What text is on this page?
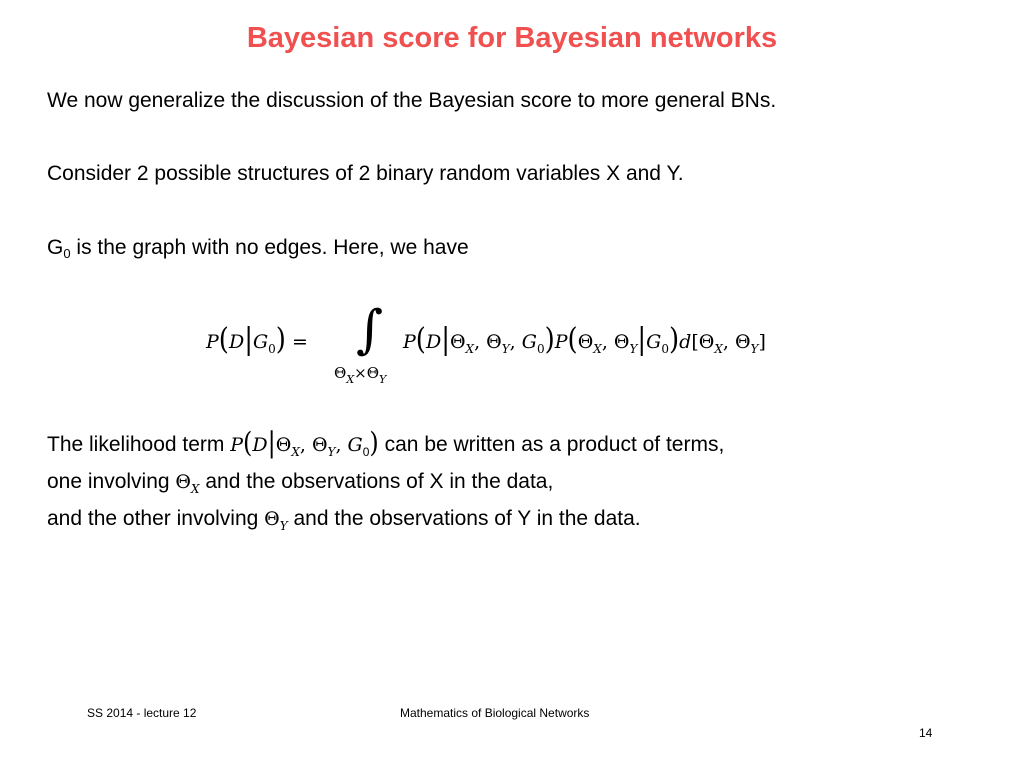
Bayesian score for Bayesian networks
We now generalize the discussion of the Bayesian score to more general BNs.
Consider 2 possible structures of 2 binary random variables X and Y.
$G_0$ is the graph with no edges. Here, we have
$P(D|G_0)$ = ∫
$\Theta_X\times\Theta_Y$
$P(D|\Theta_X$, $\Theta_Y$, $G_0)P(\Theta_X$, $\Theta_Y|G_0)d[\Theta_X$, $\Theta_Y$]
The likelihood term $P(D|\Theta_X$, $\Theta_Y$, $G_0$) can be written as a product of terms,
one involving $\Theta_X$ and the observations of X in the data,
and the other involving $\Theta_Y$ and the observations of Y in the data.
SS 2014 - lecture 12	Mathematics of Biological Networks
14
